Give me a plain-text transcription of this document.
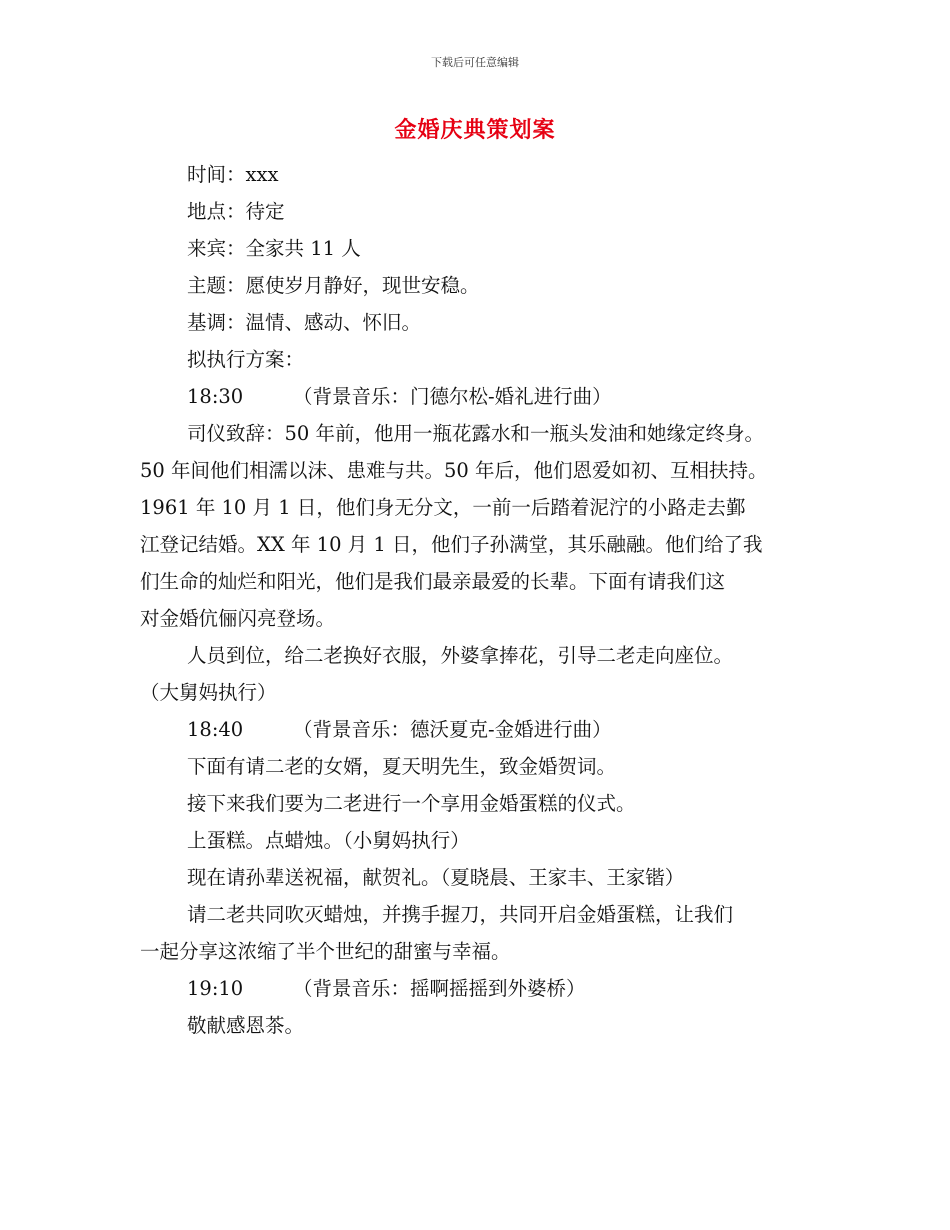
下载后可任意编辑
金婚庆典策划案

时间：xxx

地点：待定

来宾：全家共 11 人

主题：愿使岁月静好，现世安稳。

基调：温情、感动、怀旧。

拟执行方案：

18:30	（背景音乐：门德尔松-婚礼进行曲）

司仪致辞：50 年前，他用一瓶花露水和一瓶头发油和她缘定终身。

50 年间他们相濡以沫、患难与共。50 年后，他们恩爱如初、互相扶持。

1961 年 10 月 1 日，他们身无分文，一前一后踏着泥泞的小路走去鄞

江登记结婚。XX 年 10 月 1 日，他们子孙满堂，其乐融融。他们给了我

们生命的灿烂和阳光，他们是我们最亲最爱的长辈。下面有请我们这

对金婚伉俪闪亮登场。

人员到位，给二老换好衣服，外婆拿捧花，引导二老走向座位。

（大舅妈执行）

18:40	（背景音乐：德沃夏克-金婚进行曲）

下面有请二老的女婿，夏天明先生，致金婚贺词。

接下来我们要为二老进行一个享用金婚蛋糕的仪式。

上蛋糕。点蜡烛。（小舅妈执行）

现在请孙辈送祝福，献贺礼。（夏晓晨、王家丰、王家锴）

请二老共同吹灭蜡烛，并携手握刀，共同开启金婚蛋糕，让我们

一起分享这浓缩了半个世纪的甜蜜与幸福。

19:10	（背景音乐：摇啊摇摇到外婆桥）

敬献感恩茶。
